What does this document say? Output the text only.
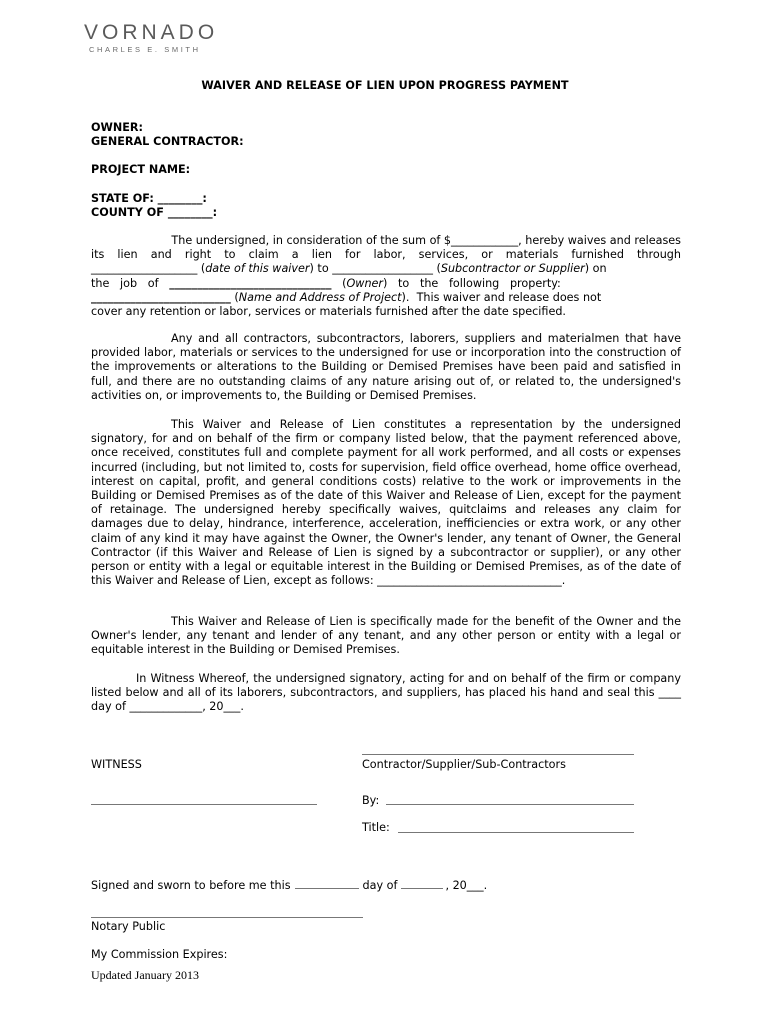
VORNADO
CHARLES E. SMITH
WAIVER AND RELEASE OF LIEN UPON PROGRESS PAYMENT
OWNER:
GENERAL CONTRACTOR:
PROJECT NAME:
STATE OF: ________:
COUNTY OF ________:
The undersigned, in consideration of the sum of $____________, hereby waives and releases
its lien and right to claim a lien for labor, services, or materials furnished through
___________________ (date of this waiver) to __________________ (Subcontractor or Supplier) on
the   job   of   _____________________________   (Owner)   to   the   following   property:
_________________________ (Name and Address of Project).  This waiver and release does not
cover any retention or labor, services or materials furnished after the date specified.
Any and all contractors, subcontractors, laborers, suppliers and materialmen that have provided labor, materials or services to the undersigned for use or incorporation into the construction of the improvements or alterations to the Building or Demised Premises have been paid and satisfied in full, and there are no outstanding claims of any nature arising out of, or related to, the undersigned's activities on, or improvements to, the Building or Demised Premises.
This Waiver and Release of Lien constitutes a representation by the undersigned signatory, for and on behalf of the firm or company listed below, that the payment referenced above, once received, constitutes full and complete payment for all work performed, and all costs or expenses incurred (including, but not limited to, costs for supervision, field office overhead, home office overhead, interest on capital, profit, and general conditions costs) relative to the work or improvements in the Building or Demised Premises as of the date of this Waiver and Release of Lien, except for the payment of retainage. The undersigned hereby specifically waives, quitclaims and releases any claim for damages due to delay, hindrance, interference, acceleration, inefficiencies or extra work, or any other claim of any kind it may have against the Owner, the Owner's lender, any tenant of Owner, the General Contractor (if this Waiver and Release of Lien is signed by a subcontractor or supplier), or any other person or entity with a legal or equitable interest in the Building or Demised Premises, as of the date of this Waiver and Release of Lien, except as follows: _________________________________.
This Waiver and Release of Lien is specifically made for the benefit of the Owner and the Owner's lender, any tenant and lender of any tenant, and any other person or entity with a legal or equitable interest in the Building or Demised Premises.
In Witness Whereof, the undersigned signatory, acting for and on behalf of the firm or company listed below and all of its laborers, subcontractors, and suppliers, has placed his hand and seal this ____ day of _____________, 20___.
WITNESS	Contractor/Supplier/Sub-Contractors
By:
Title:
Signed and sworn to before me this	day of	, 20___.
Notary Public
My Commission Expires:
Updated January 2013
